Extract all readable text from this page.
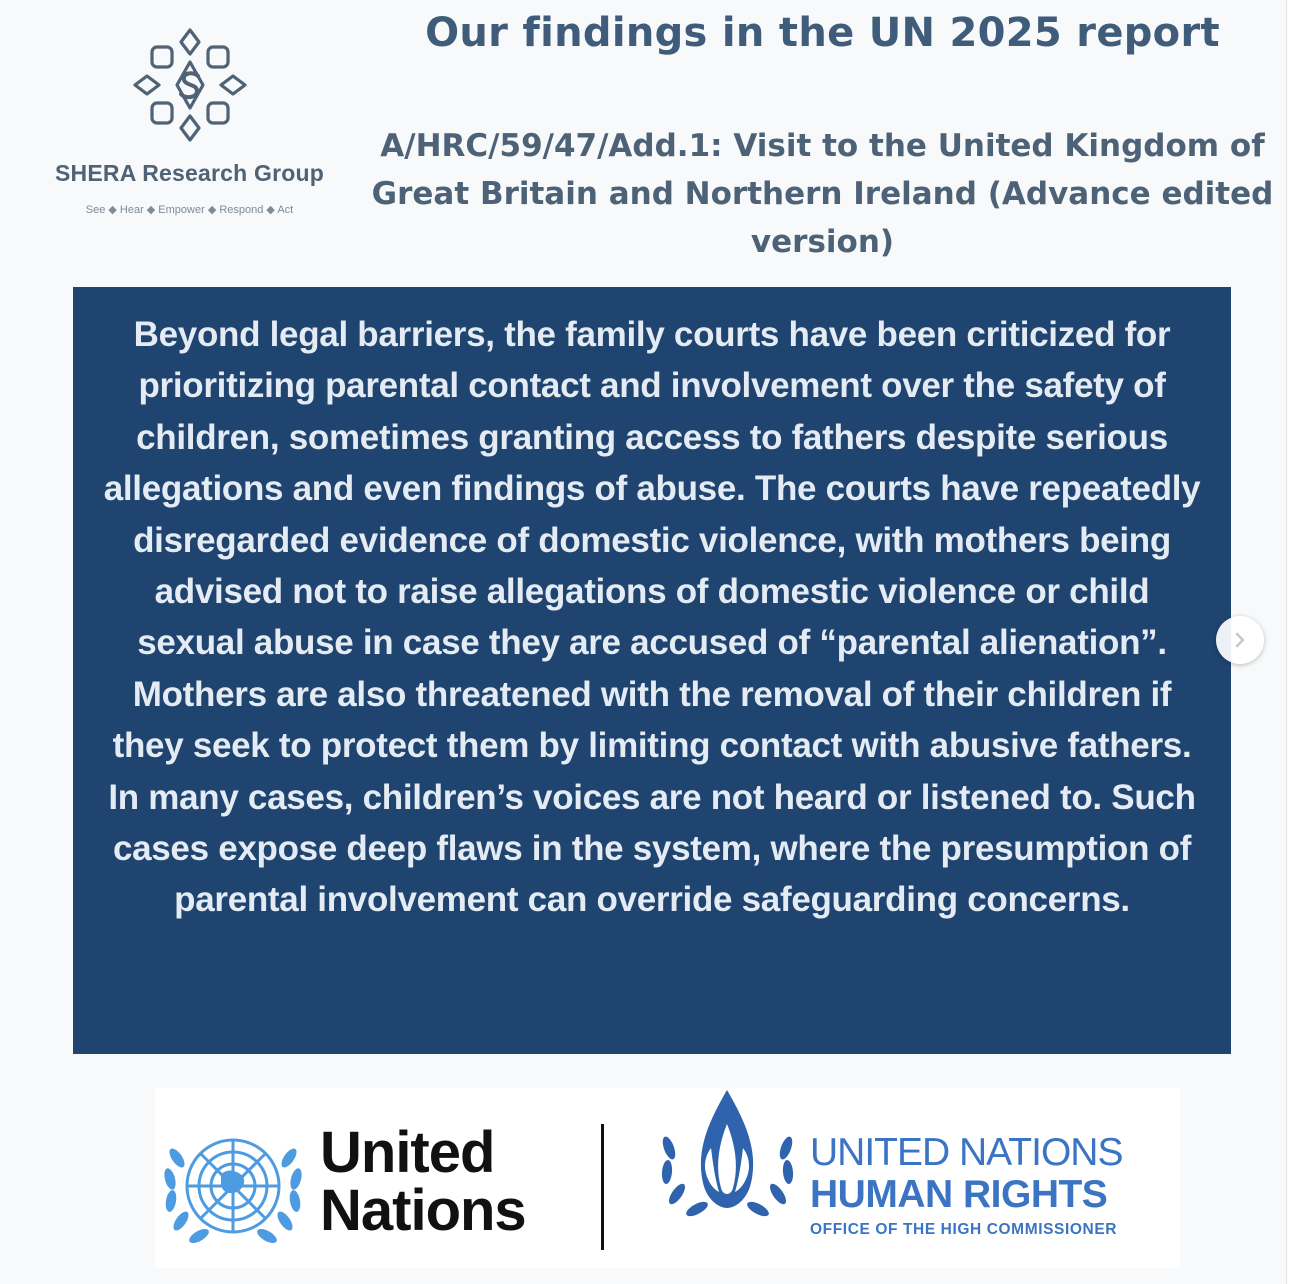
SHERA Research Group
See ◆ Hear ◆ Empower ◆ Respond ◆ Act
Our findings in the UN 2025 report
A/HRC/59/47/Add.1: Visit to the United Kingdom of Great Britain and Northern Ireland (Advance edited version)

Beyond legal barriers, the family courts have been criticized for prioritizing parental contact and involvement over the safety of children, sometimes granting access to fathers despite serious allegations and even findings of abuse. The courts have repeatedly disregarded evidence of domestic violence, with mothers being advised not to raise allegations of domestic violence or child sexual abuse in case they are accused of “parental alienation”. Mothers are also threatened with the removal of their children if they seek to protect them by limiting contact with abusive fathers. In many cases, children’s voices are not heard or listened to. Such cases expose deep flaws in the system, where the presumption of parental involvement can override safeguarding concerns.

United
Nations
UNITED NATIONS
HUMAN RIGHTS
OFFICE OF THE HIGH COMMISSIONER
